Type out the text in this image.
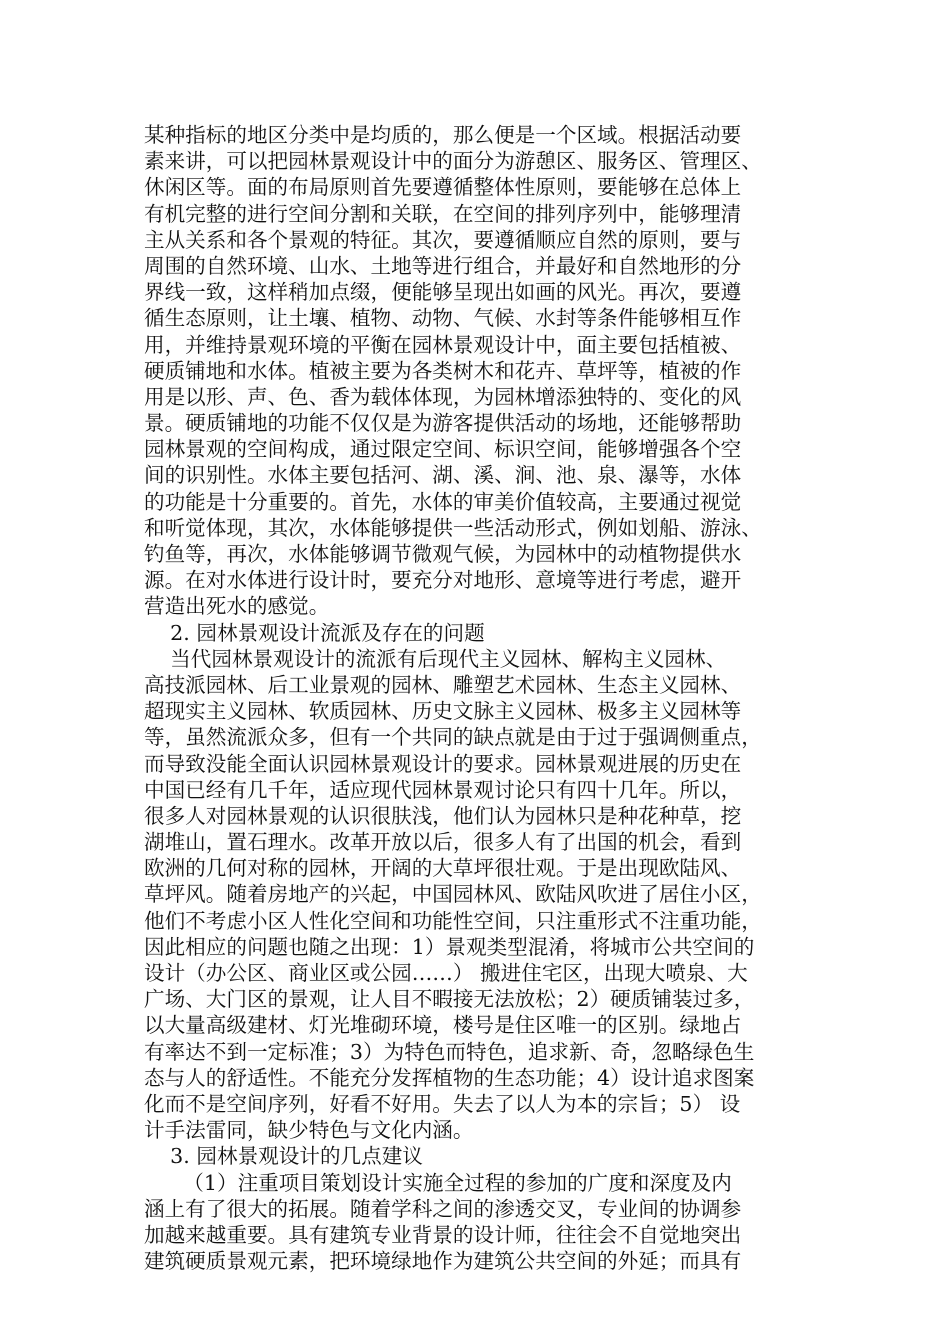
某种指标的地区分类中是均质的，那么便是一个区域。根据活动要
素来讲，可以把园林景观设计中的面分为游憩区、服务区、管理区、
休闲区等。面的布局原则首先要遵循整体性原则，要能够在总体上
有机完整的进行空间分割和关联，在空间的排列序列中，能够理清
主从关系和各个景观的特征。其次，要遵循顺应自然的原则，要与
周围的自然环境、山水、土地等进行组合，并最好和自然地形的分
界线一致，这样稍加点缀，便能够呈现出如画的风光。再次，要遵
循生态原则，让土壤、植物、动物、气候、水封等条件能够相互作
用，并维持景观环境的平衡在园林景观设计中，面主要包括植被、
硬质铺地和水体。植被主要为各类树木和花卉、草坪等，植被的作
用是以形、声、色、香为载体体现，为园林增添独特的、变化的风
景。硬质铺地的功能不仅仅是为游客提供活动的场地，还能够帮助
园林景观的空间构成，通过限定空间、标识空间，能够增强各个空
间的识别性。水体主要包括河、湖、溪、涧、池、泉、瀑等，水体
的功能是十分重要的。首先，水体的审美价值较高，主要通过视觉
和听觉体现，其次，水体能够提供一些活动形式，例如划船、游泳、
钓鱼等，再次，水体能够调节微观气候，为园林中的动植物提供水
源。在对水体进行设计时，要充分对地形、意境等进行考虑，避开
营造出死水的感觉。
2. 园林景观设计流派及存在的问题
当代园林景观设计的流派有后现代主义园林、解构主义园林、
高技派园林、后工业景观的园林、雕塑艺术园林、生态主义园林、
超现实主义园林、软质园林、历史文脉主义园林、极多主义园林等
等，虽然流派众多，但有一个共同的缺点就是由于过于强调侧重点，
而导致没能全面认识园林景观设计的要求。园林景观进展的历史在
中国已经有几千年，适应现代园林景观讨论只有四十几年。所以，
很多人对园林景观的认识很肤浅，他们认为园林只是种花种草，挖
湖堆山，置石理水。改革开放以后，很多人有了出国的机会，看到
欧洲的几何对称的园林，开阔的大草坪很壮观。于是出现欧陆风、
草坪风。随着房地产的兴起，中国园林风、欧陆风吹进了居住小区，
他们不考虑小区人性化空间和功能性空间，只注重形式不注重功能，
因此相应的问题也随之出现：1）景观类型混淆，将城市公共空间的
设计（办公区、商业区或公园……） 搬进住宅区，出现大喷泉、大
广场、大门区的景观，让人目不暇接无法放松；2）硬质铺装过多，
以大量高级建材、灯光堆砌环境，楼号是住区唯一的区别。绿地占
有率达不到一定标准；3）为特色而特色，追求新、奇，忽略绿色生
态与人的舒适性。不能充分发挥植物的生态功能；4）设计追求图案
化而不是空间序列，好看不好用。失去了以人为本的宗旨；5） 设
计手法雷同，缺少特色与文化内涵。
3. 园林景观设计的几点建议
（1）注重项目策划设计实施全过程的参加的广度和深度及内
涵上有了很大的拓展。随着学科之间的渗透交叉，专业间的协调参
加越来越重要。具有建筑专业背景的设计师，往往会不自觉地突出
建筑硬质景观元素，把环境绿地作为建筑公共空间的外延；而具有
